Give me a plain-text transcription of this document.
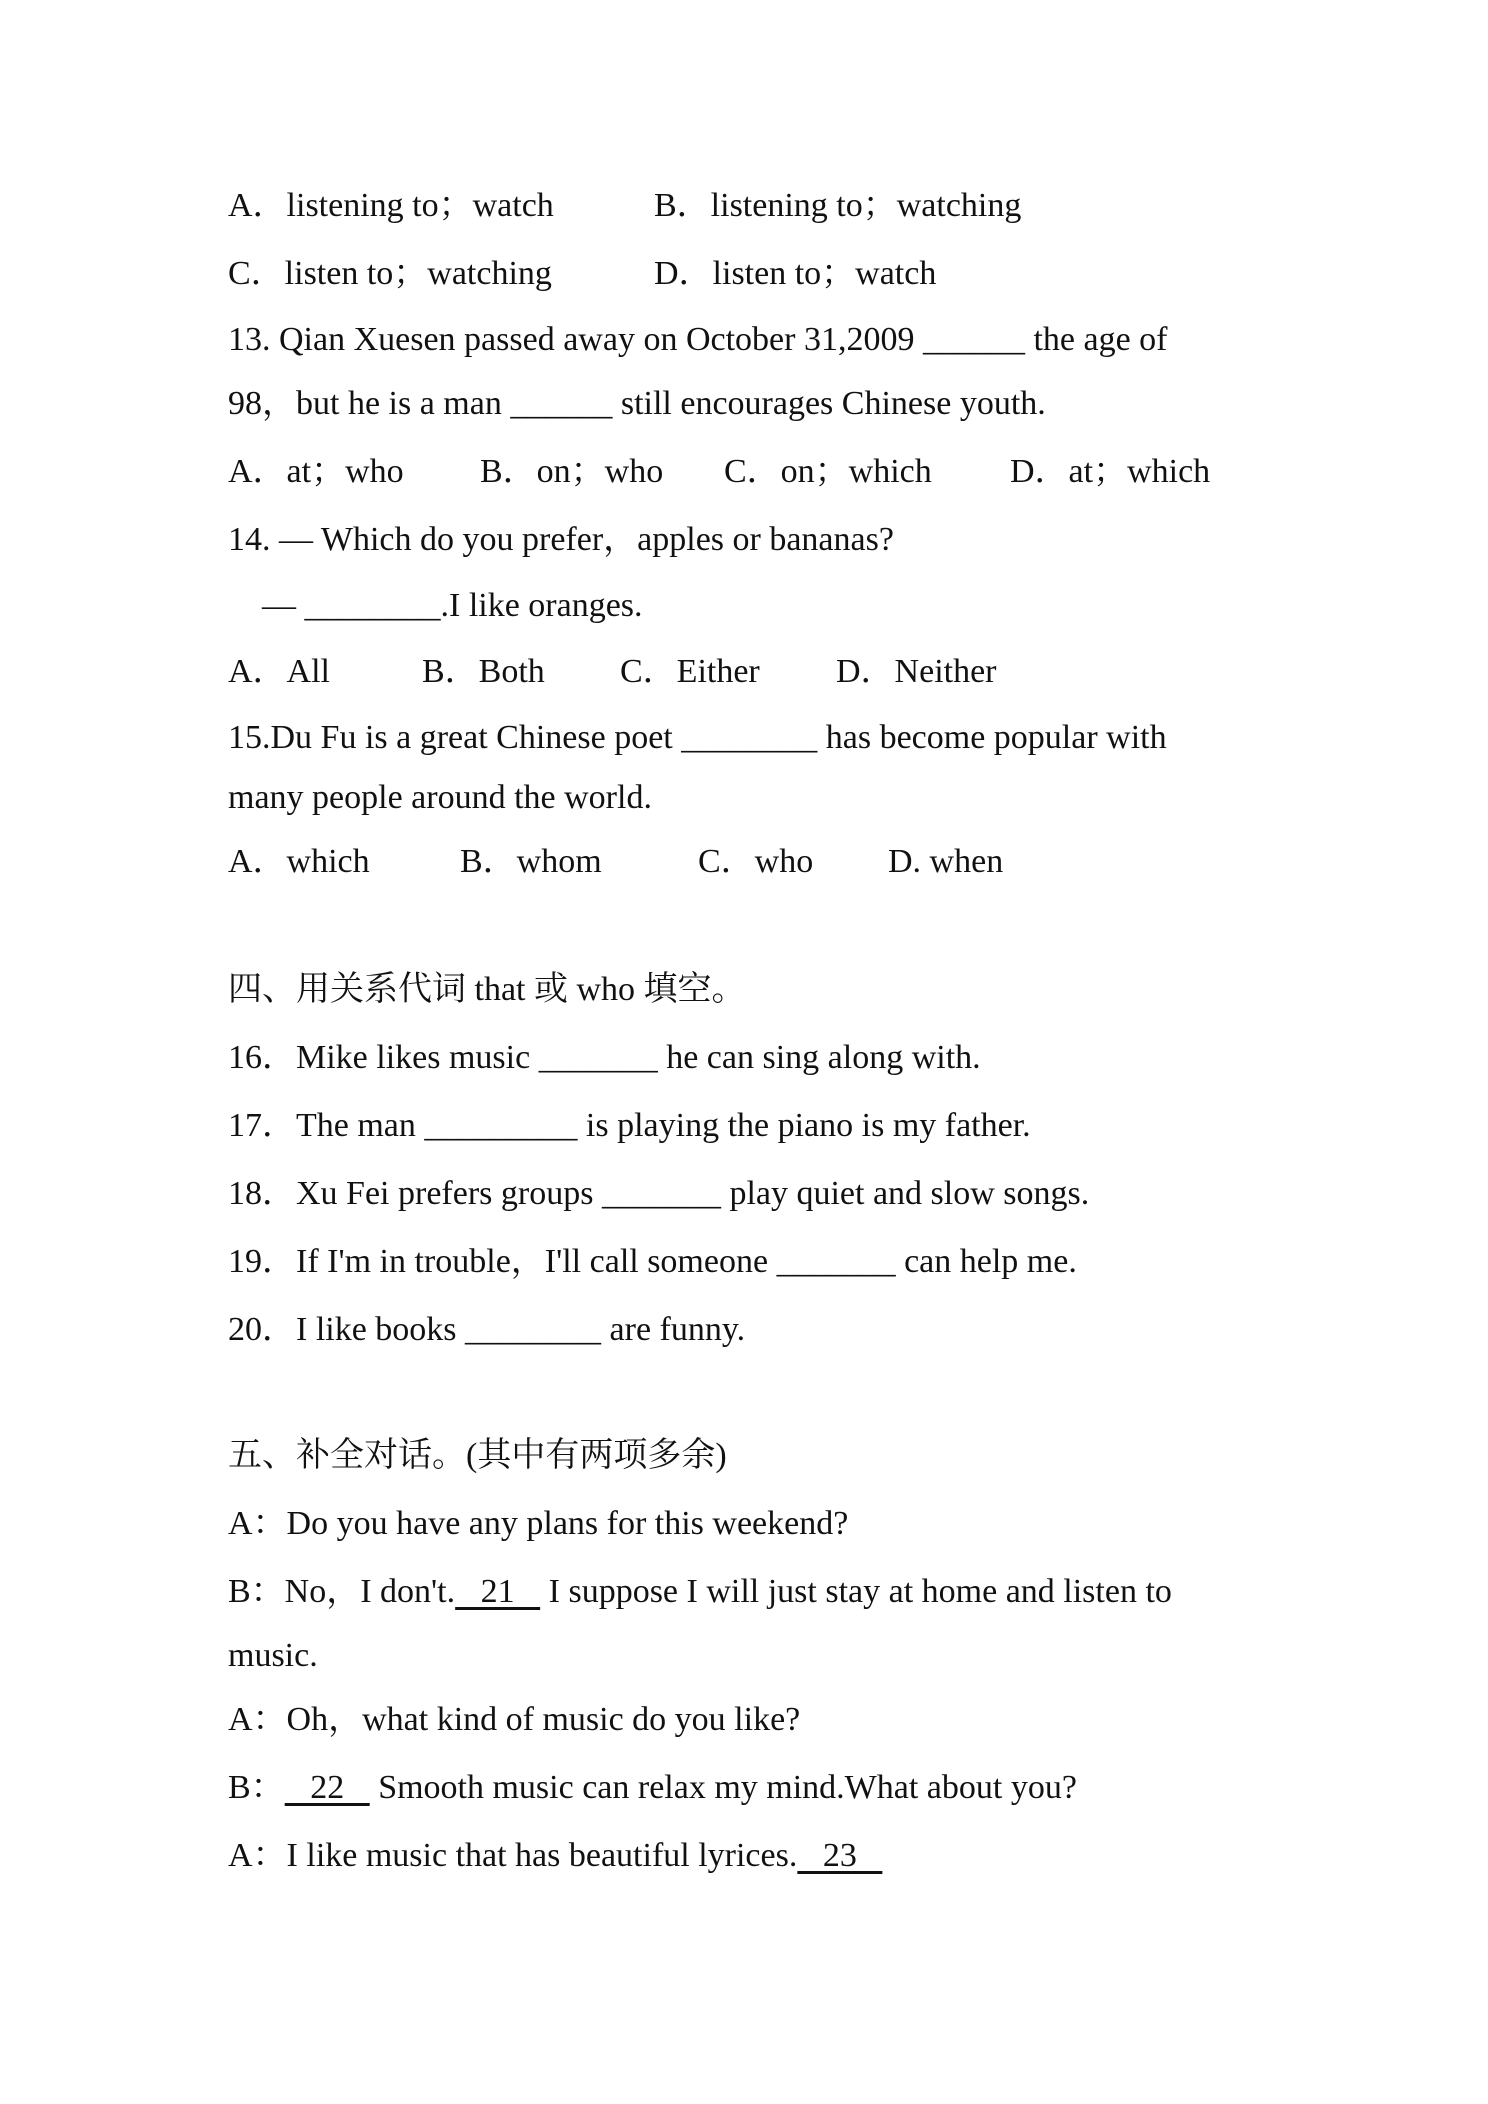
A．listening to；watch	B．listening to；watching
C．listen to；watching	D．listen to；watch
13. Qian Xuesen passed away on October 31,2009 ______ the age of
98，but he is a man ______ still encourages Chinese youth.
A．at；who B．on；who C．on；which D．at；which
14. — Which do you prefer，apples or bananas?
— ________.I like oranges.
A．All	B．Both C．Either D．Neither
15.Du Fu is a great Chinese poet ________ has become popular with
many people around the world.
A．which	B．whom	C．who D. when
四、用关系代词 that 或 who 填空。
16．Mike likes music _______ he can sing along with.
17．The man _________ is playing the piano is my father.
18．Xu Fei prefers groups _______ play quiet and slow songs.
19．If I'm in trouble，I'll call someone _______ can help me.
20．I like books ________ are funny.
五、补全对话。(其中有两项多余)
A：Do you have any plans for this weekend?
B：No，I don't.   21    I suppose I will just stay at home and listen to
music.
A：Oh，what kind of music do you like?
B：   22    Smooth music can relax my mind.What about you?
A：I like music that has beautiful lyrices.   23
